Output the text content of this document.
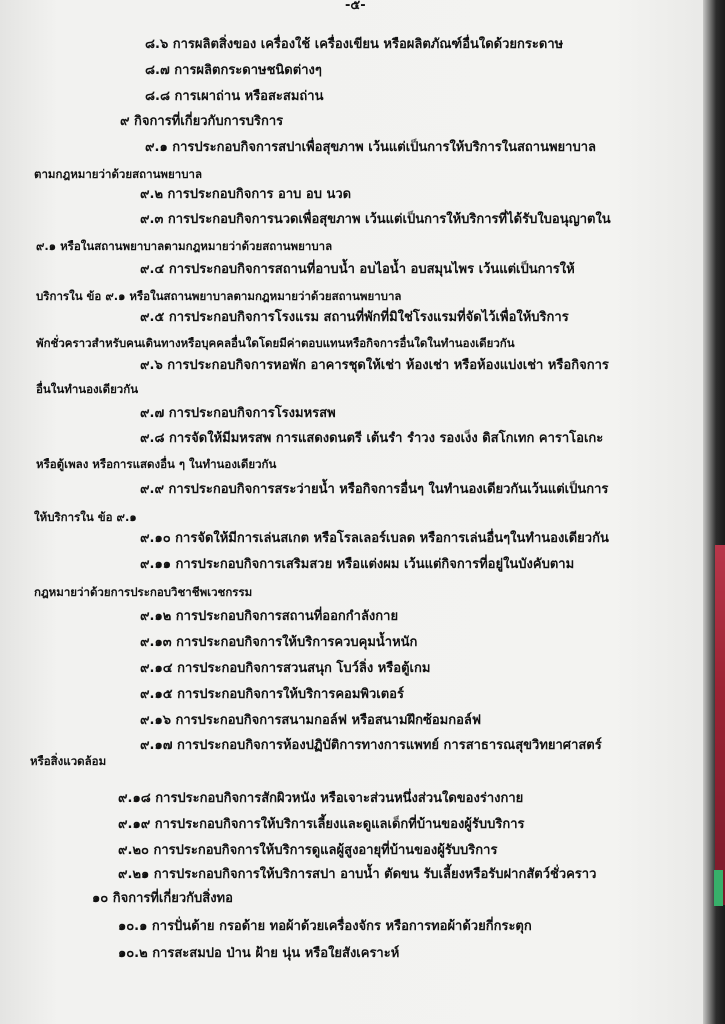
-๕-
๘.๖ การผลิตสิ่งของ เครื่องใช้ เครื่องเขียน หรือผลิตภัณฑ์อื่นใดด้วยกระดาษ
๘.๗ การผลิตกระดาษชนิดต่างๆ
๘.๘ การเผาถ่าน หรือสะสมถ่าน
๙ กิจการที่เกี่ยวกับการบริการ
๙.๑ การประกอบกิจการสปาเพื่อสุขภาพ เว้นแต่เป็นการให้บริการในสถานพยาบาล
ตามกฎหมายว่าด้วยสถานพยาบาล
๙.๒ การประกอบกิจการ อาบ อบ นวด
๙.๓ การประกอบกิจการนวดเพื่อสุขภาพ เว้นแต่เป็นการให้บริการที่ได้รับใบอนุญาตใน
๙.๑ หรือในสถานพยาบาลตามกฎหมายว่าด้วยสถานพยาบาล
๙.๔ การประกอบกิจการสถานที่อาบน้ำ อบไอน้ำ อบสมุนไพร เว้นแต่เป็นการให้
บริการใน ข้อ ๙.๑ หรือในสถานพยาบาลตามกฎหมายว่าด้วยสถานพยาบาล
๙.๕ การประกอบกิจการโรงแรม สถานที่พักที่มิใช่โรงแรมที่จัดไว้เพื่อให้บริการ
พักชั่วคราวสำหรับคนเดินทางหรือบุคคลอื่นใดโดยมีค่าตอบแทนหรือกิจการอื่นใดในทำนองเดียวกัน
๙.๖ การประกอบกิจการหอพัก อาคารชุดให้เช่า ห้องเช่า หรือห้องแบ่งเช่า หรือกิจการ
อื่นในทำนองเดียวกัน
๙.๗ การประกอบกิจการโรงมหรสพ
๙.๘ การจัดให้มีมหรสพ การแสดงดนตรี เต้นรำ รำวง รองเง็ง ดิสโกเทก คาราโอเกะ
หรือตู้เพลง หรือการแสดงอื่น ๆ ในทำนองเดียวกัน
๙.๙ การประกอบกิจการสระว่ายน้ำ หรือกิจการอื่นๆ ในทำนองเดียวกันเว้นแต่เป็นการ
ให้บริการใน ข้อ ๙.๑
๙.๑๐ การจัดให้มีการเล่นสเกต หรือโรลเลอร์เบลด หรือการเล่นอื่นๆในทำนองเดียวกัน
๙.๑๑ การประกอบกิจการเสริมสวย หรือแต่งผม เว้นแต่กิจการที่อยู่ในบังคับตาม
กฎหมายว่าด้วยการประกอบวิชาชีพเวชกรรม
๙.๑๒ การประกอบกิจการสถานที่ออกกำลังกาย
๙.๑๓ การประกอบกิจการให้บริการควบคุมน้ำหนัก
๙.๑๔ การประกอบกิจการสวนสนุก โบว์ลิ่ง หรือตู้เกม
๙.๑๕ การประกอบกิจการให้บริการคอมพิวเตอร์
๙.๑๖ การประกอบกิจการสนามกอล์ฟ หรือสนามฝึกซ้อมกอล์ฟ
๙.๑๗ การประกอบกิจการห้องปฏิบัติการทางการแพทย์ การสาธารณสุขวิทยาศาสตร์
หรือสิ่งแวดล้อม
๙.๑๘ การประกอบกิจการสักผิวหนัง หรือเจาะส่วนหนึ่งส่วนใดของร่างกาย
๙.๑๙ การประกอบกิจการให้บริการเลี้ยงและดูแลเด็กที่บ้านของผู้รับบริการ
๙.๒๐ การประกอบกิจการให้บริการดูแลผู้สูงอายุที่บ้านของผู้รับบริการ
๙.๒๑ การประกอบกิจการให้บริการสปา อาบน้ำ ตัดขน รับเลี้ยงหรือรับฝากสัตว์ชั่วคราว
๑๐ กิจการที่เกี่ยวกับสิ่งทอ
๑๐.๑ การปั่นด้าย กรอด้าย ทอผ้าด้วยเครื่องจักร หรือการทอผ้าด้วยกี่กระตุก
๑๐.๒ การสะสมปอ ป่าน ฝ้าย นุ่น หรือใยสังเคราะห์
